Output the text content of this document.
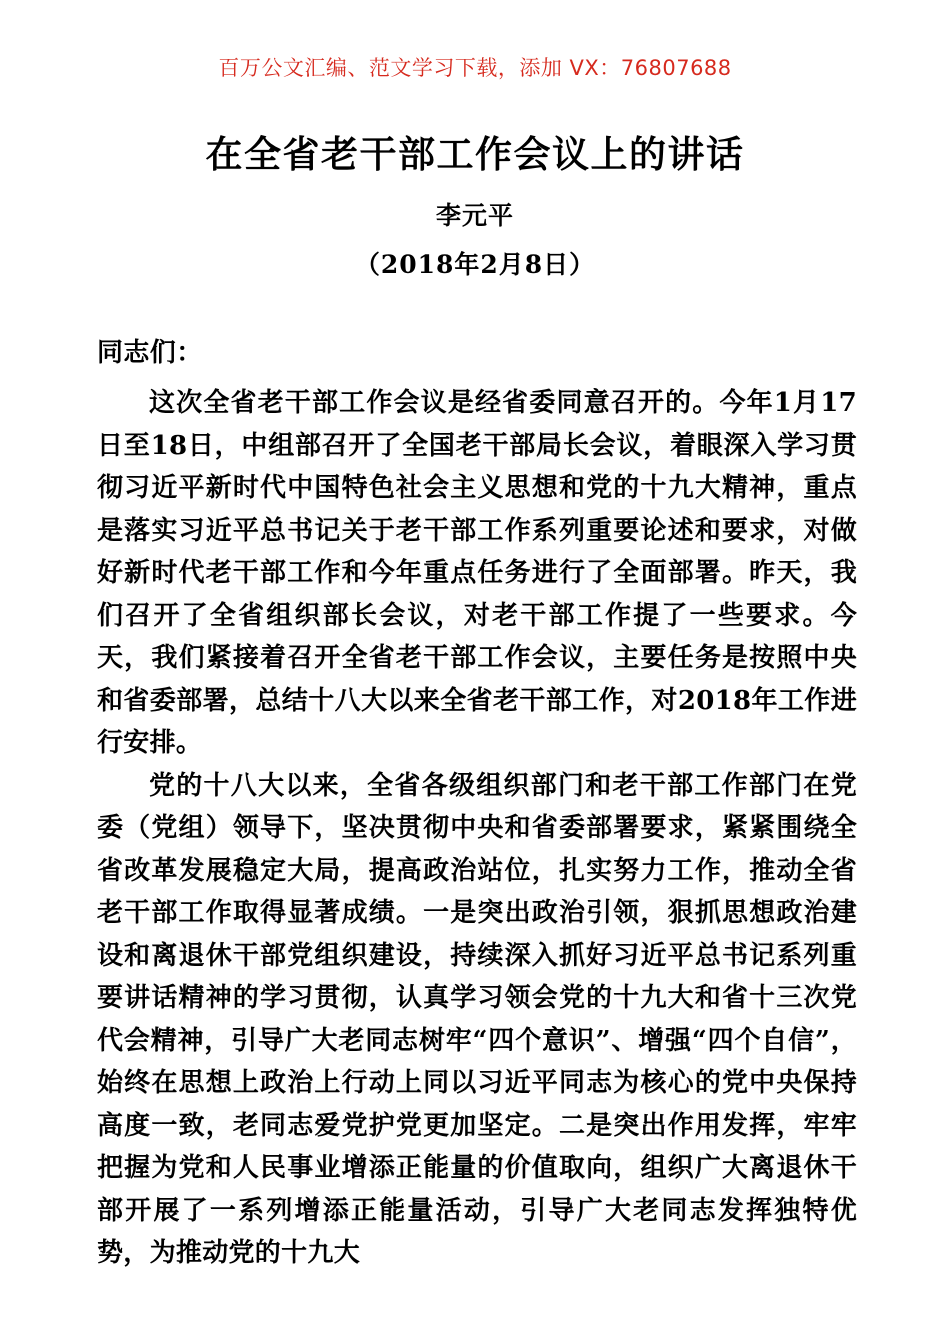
百万公文汇编、范文学习下载，添加 VX：76807688
在全省老干部工作会议上的讲话
李元平
（2018年2月8日）

同志们：

这次全省老干部工作会议是经省委同意召开的。今年1月17日至18日，中组部召开了全国老干部局长会议，着眼深入学习贯彻习近平新时代中国特色社会主义思想和党的十九大精神，重点是落实习近平总书记关于老干部工作系列重要论述和要求，对做好新时代老干部工作和今年重点任务进行了全面部署。昨天，我们召开了全省组织部长会议，对老干部工作提了一些要求。今天，我们紧接着召开全省老干部工作会议，主要任务是按照中央和省委部署，总结十八大以来全省老干部工作，对2018年工作进行安排。

党的十八大以来，全省各级组织部门和老干部工作部门在党委（党组）领导下，坚决贯彻中央和省委部署要求，紧紧围绕全省改革发展稳定大局，提高政治站位，扎实努力工作，推动全省老干部工作取得显著成绩。一是突出政治引领，狠抓思想政治建设和离退休干部党组织建设，持续深入抓好习近平总书记系列重要讲话精神的学习贯彻，认真学习领会党的十九大和省十三次党代会精神，引导广大老同志树牢“四个意识”、增强“四个自信”，始终在思想上政治上行动上同以习近平同志为核心的党中央保持高度一致，老同志爱党护党更加坚定。二是突出作用发挥，牢牢把握为党和人民事业增添正能量的价值取向，组织广大离退休干部开展了一系列增添正能量活动，引导广大老同志发挥独特优势，为推动党的十九大
